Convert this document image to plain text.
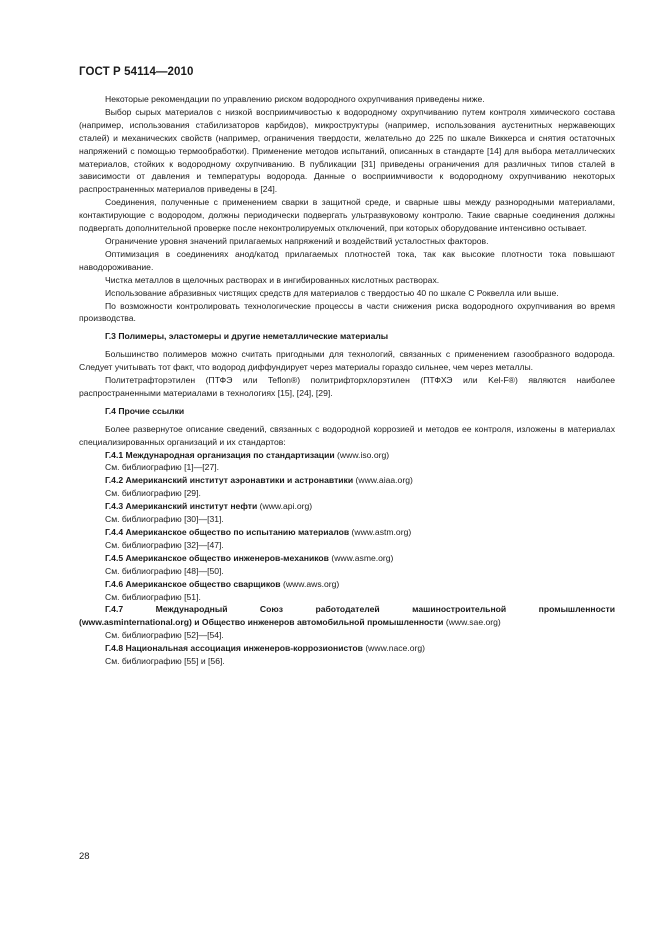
ГОСТ Р 54114—2010

Некоторые рекомендации по управлению риском водородного охрупчивания приведены ниже.

Выбор сырых материалов с низкой восприимчивостью к водородному охрупчиванию путем контроля химического состава (например, использования стабилизаторов карбидов), микроструктуры (например, использования аустенитных нержавеющих сталей) и механических свойств (например, ограничения твердости, желательно до 225 по шкале Виккерса и снятия остаточных напряжений с помощью термообработки). Применение методов испытаний, описанных в стандарте [14] для выбора металлических материалов, стойких к водородному охрупчиванию. В публикации [31] приведены ограничения для различных типов сталей в зависимости от давления и температуры водорода. Данные о восприимчивости к водородному охрупчиванию некоторых распространенных материалов приведены в [24].

Соединения, полученные с применением сварки в защитной среде, и сварные швы между разнородными материалами, контактирующие с водородом, должны периодически подвергать ультразвуковому контролю. Такие сварные соединения должны подвергать дополнительной проверке после неконтролируемых отключений, при которых оборудование интенсивно остывает.

Ограничение уровня значений прилагаемых напряжений и воздействий усталостных факторов.

Оптимизация в соединениях анод/катод прилагаемых плотностей тока, так как высокие плотности тока повышают наводороживание.

Чистка металлов в щелочных растворах и в ингибированных кислотных растворах.

Использование абразивных чистящих средств для материалов с твердостью 40 по шкале С Роквелла или выше.

По возможности контролировать технологические процессы в части снижения риска водородного охрупчивания во время производства.

Г.3 Полимеры, эластомеры и другие неметаллические материалы

Большинство полимеров можно считать пригодными для технологий, связанных с применением газообразного водорода. Следует учитывать тот факт, что водород диффундирует через материалы гораздо сильнее, чем через металлы.

Политетрафторэтилен (ПТФЭ или Teflon®) политрифторхлорэтилен (ПТФХЭ или Kel-F®) являются наиболее распространенными материалами в технологиях [15], [24], [29].

Г.4 Прочие ссылки

Более развернутое описание сведений, связанных с водородной коррозией и методов ее контроля, изложены в материалах специализированных организаций и их стандартов:

Г.4.1 Международная организация по стандартизации (www.iso.org)
См. библиографию [1]—[27].
Г.4.2 Американский институт аэронавтики и астронавтики (www.aiaa.org)
См. библиографию [29].
Г.4.3 Американский институт нефти (www.api.org)
См. библиографию [30]—[31].
Г.4.4 Американское общество по испытанию материалов (www.astm.org)
См. библиографию [32]—[47].
Г.4.5 Американское общество инженеров-механиков (www.asme.org)
См. библиографию [48]—[50].
Г.4.6 Американское общество сварщиков (www.aws.org)
См. библиографию [51].
Г.4.7 Международный Союз работодателей машиностроительной промышленности
(www.asminternational.org) и Общество инженеров автомобильной промышленности (www.sae.org)
См. библиографию [52]—[54].
Г.4.8 Национальная ассоциация инженеров-коррозионистов (www.nace.org)
См. библиографию [55] и [56].
28
